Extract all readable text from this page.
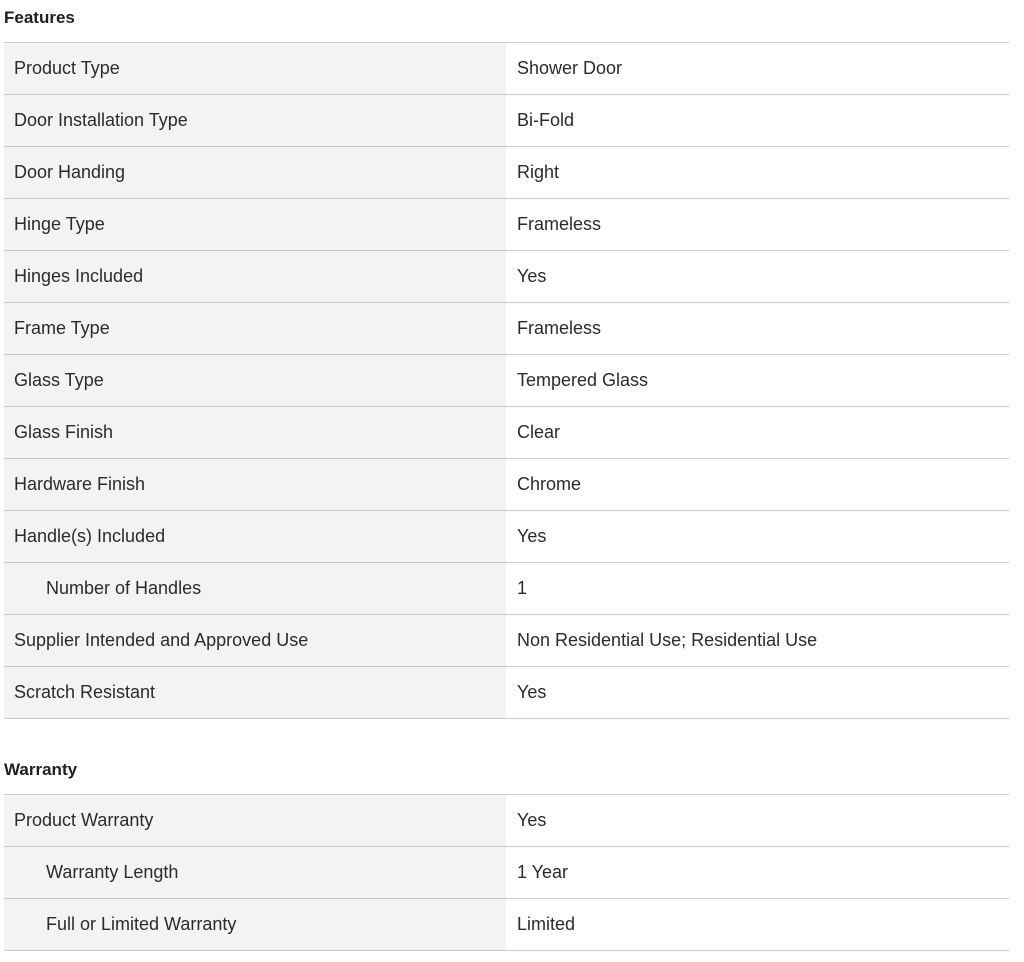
Features
Product Type	Shower Door
Door Installation Type	Bi-Fold
Door Handing	Right
Hinge Type	Frameless
Hinges Included	Yes
Frame Type	Frameless
Glass Type	Tempered Glass
Glass Finish	Clear
Hardware Finish	Chrome
Handle(s) Included	Yes
Number of Handles	1
Supplier Intended and Approved Use	Non Residential Use; Residential Use
Scratch Resistant	Yes
Warranty
Product Warranty	Yes
Warranty Length	1 Year
Full or Limited Warranty	Limited
